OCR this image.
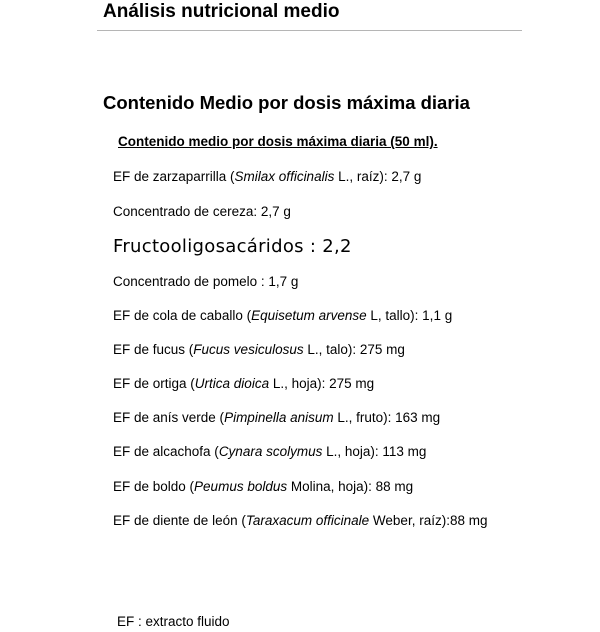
Análisis nutricional medio
Contenido Medio por dosis máxima diaria

Contenido medio por dosis máxima diaria (50 ml).

EF de zarzaparrilla (Smilax officinalis L., raíz): 2,7 g

Concentrado de cereza: 2,7 g

Fructooligosacáridos : 2,2

Concentrado de pomelo : 1,7 g

EF de cola de caballo (Equisetum arvense L, tallo): 1,1 g

EF de fucus (Fucus vesiculosus L., talo): 275 mg

EF de ortiga (Urtica dioica L., hoja): 275 mg

EF de anís verde (Pimpinella anisum L., fruto): 163 mg

EF de alcachofa (Cynara scolymus L., hoja): 113 mg

EF de boldo (Peumus boldus Molina, hoja): 88 mg

EF de diente de león (Taraxacum officinale Weber, raíz):88 mg

EF : extracto fluido
